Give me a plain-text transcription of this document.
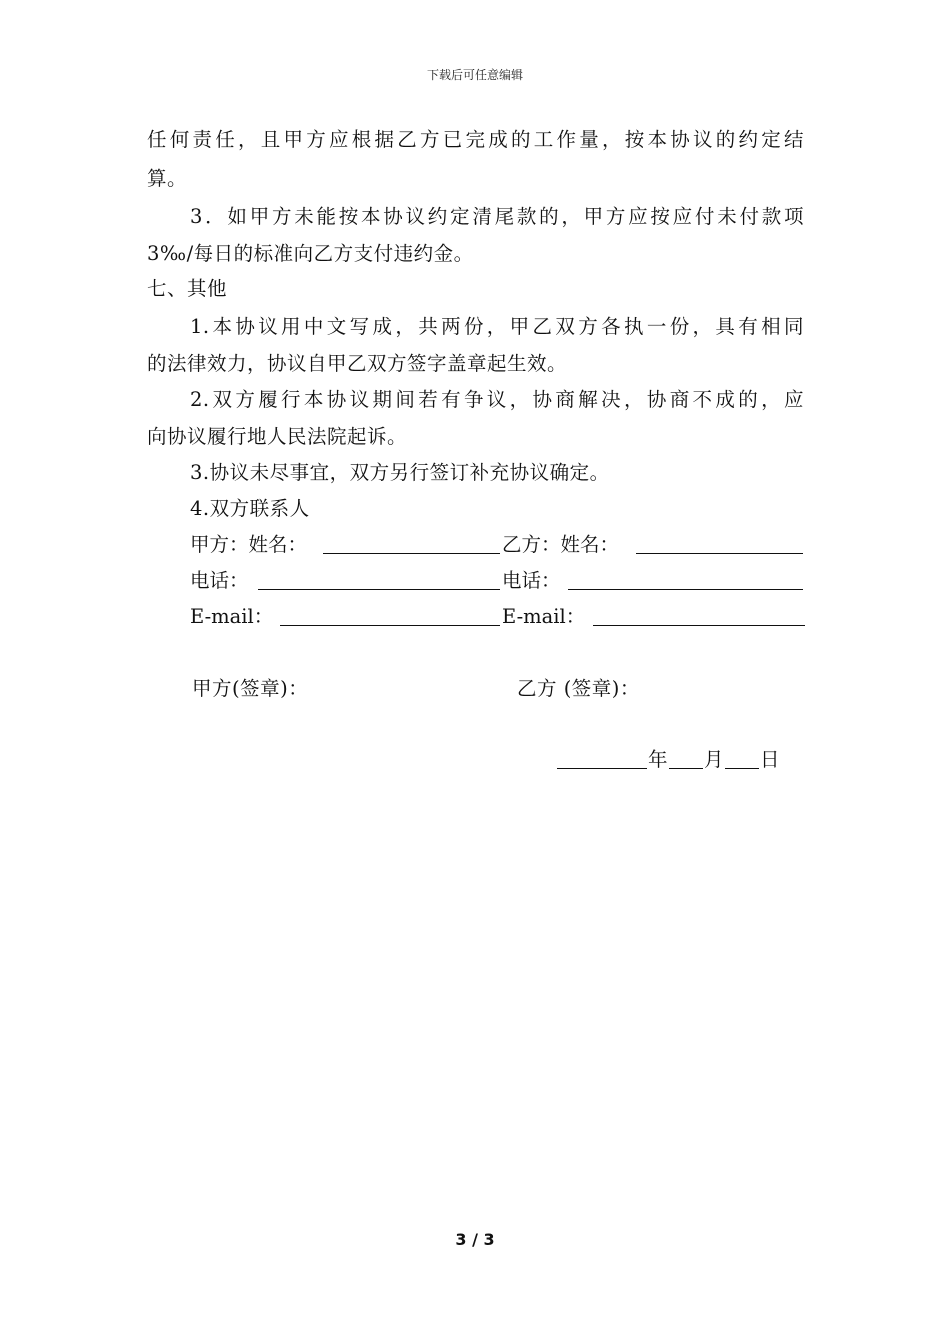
下载后可任意编辑
任何责任，且甲方应根据乙方已完成的工作量，按本协议的约定结
算。
3．如甲方未能按本协议约定清尾款的，甲方应按应付未付款项
3‰/每日的标准向乙方支付违约金。
七、其他
1.本协议用中文写成，共两份，甲乙双方各执一份，具有相同
的法律效力，协议自甲乙双方签字盖章起生效。
2.双方履行本协议期间若有争议，协商解决，协商不成的，应
向协议履行地人民法院起诉。
3.协议未尽事宜，双方另行签订补充协议确定。
4.双方联系人
甲方：姓名：	乙方：姓名：
电话：	电话：
E-mail：	E-mail：
甲方(签章)：	乙方 (签章)：
年 月 日
3 / 3
